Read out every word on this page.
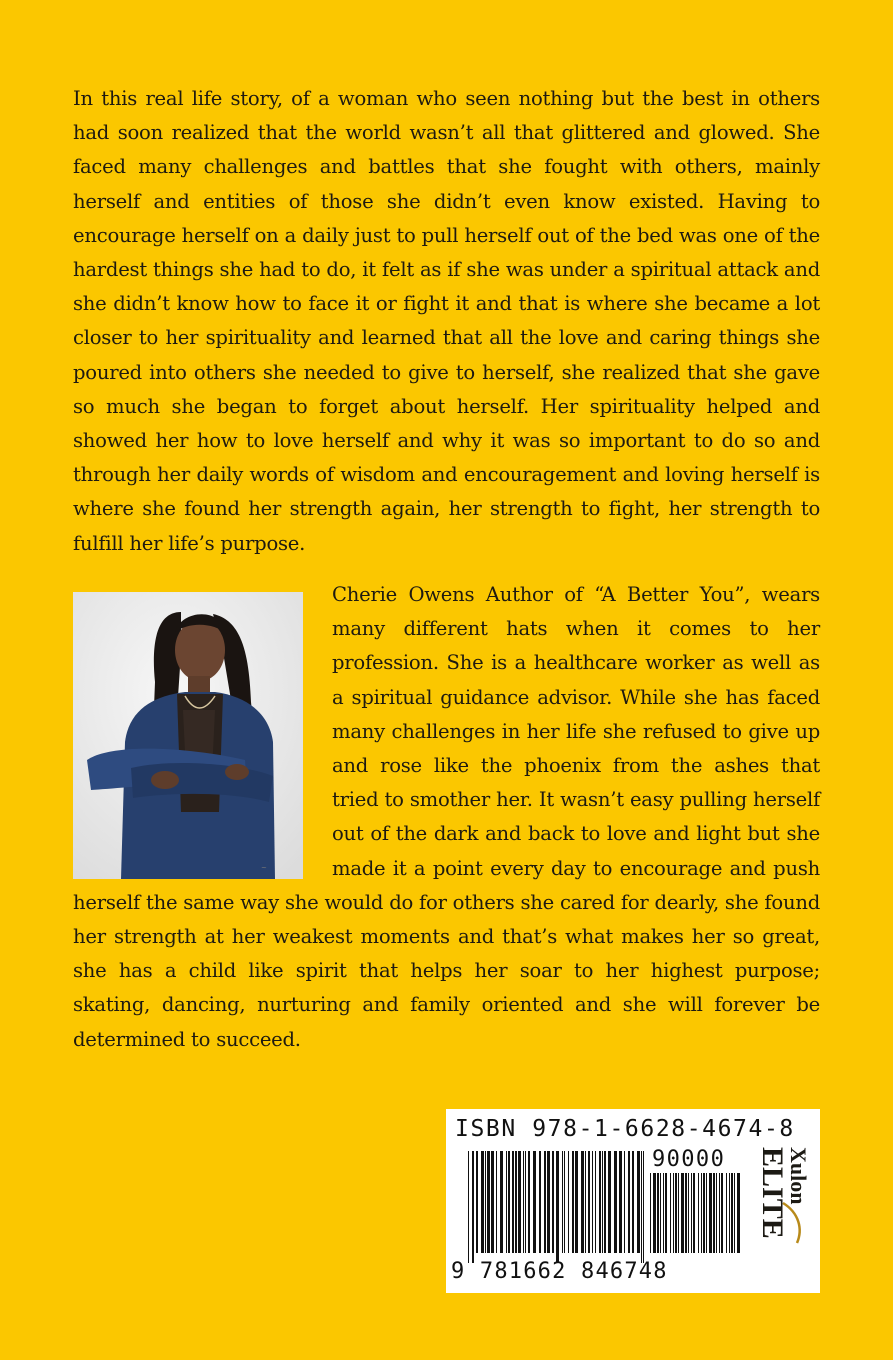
In this real life story, of a woman who seen nothing but the best in others had soon realized that the world wasn’t all that glittered and glowed. She faced many challenges and battles that she fought with others, mainly herself and entities of those she didn’t even know existed. Having to encourage herself on a daily just to pull herself out of the bed was one of the hardest things she had to do, it felt as if she was under a spiritual attack and she didn’t know how to face it or fight it and that is where she became a lot closer to her spirituality and learned that all the love and caring things she poured into others she needed to give to herself, she realized that she gave so much she began to forget about herself. Her spirituality helped and showed her how to love herself and why it was so important to do so and through her daily words of wisdom and encouragement and loving herself is where she found her strength again, her strength to fight, her strength to fulfill her life’s purpose.

~

Cherie Owens Author of “A Better You”, wears many different hats when it comes to her profession. She is a healthcare worker as well as a spiritual guidance advisor. While she has faced many challenges in her life she refused to give up and rose like the phoenix from the ashes that tried to smother her. It wasn’t easy pulling herself out of the dark and back to love and light but she made it a point every day to encourage and push herself the same way she would do for others she cared for dearly, she found her strength at her weakest moments and that’s what makes her so great, she has a child like spirit that helps her soar to her highest purpose; skating, dancing, nurturing and family oriented and she will forever be determined to succeed.

ISBN 978-1-6628-4674-8
90000
9 781662 846748
Xulon
ELITE
